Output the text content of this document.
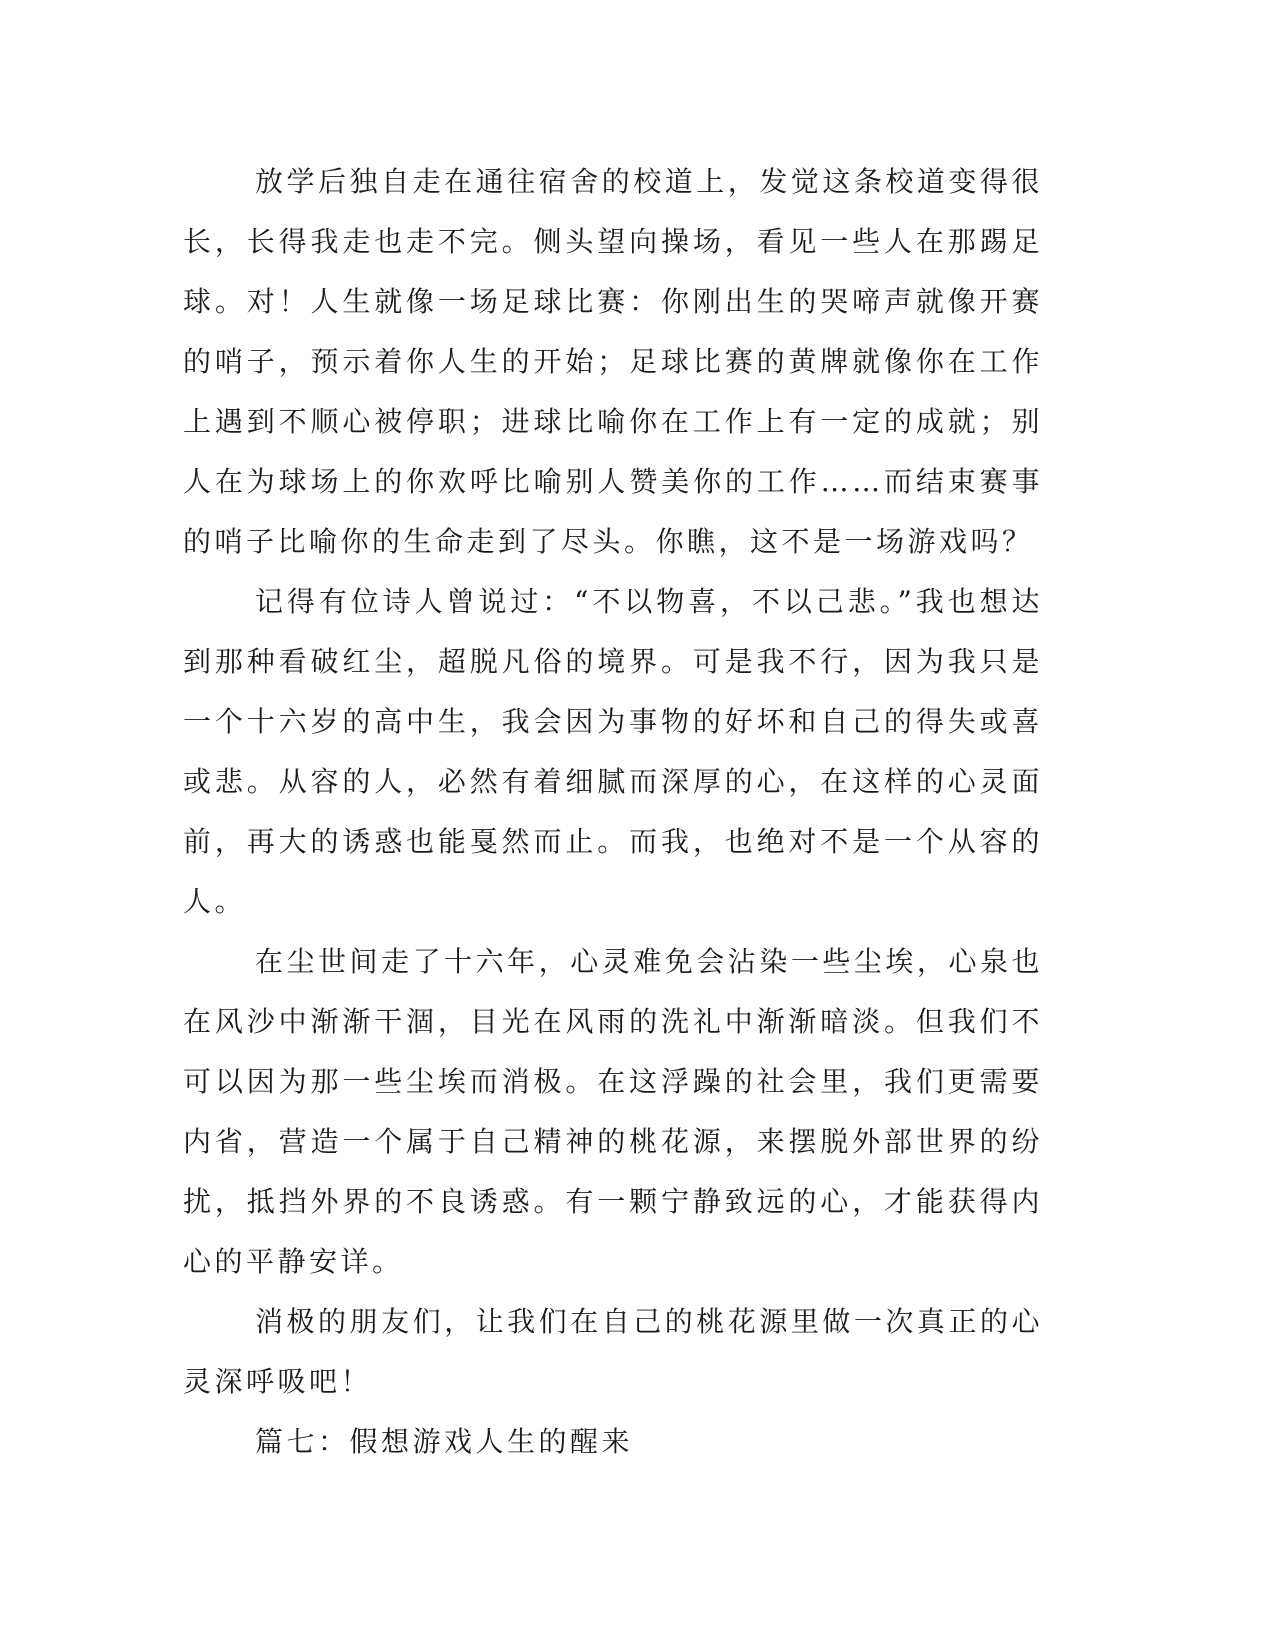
放学后独自走在通往宿舍的校道上，发觉这条校道变得很长，长得我走也走不完。侧头望向操场，看见一些人在那踢足球。对！人生就像一场足球比赛：你刚出生的哭啼声就像开赛的哨子，预示着你人生的开始；足球比赛的黄牌就像你在工作上遇到不顺心被停职；进球比喻你在工作上有一定的成就；别人在为球场上的你欢呼比喻别人赞美你的工作……而结束赛事的哨子比喻你的生命走到了尽头。你瞧，这不是一场游戏吗？

记得有位诗人曾说过：“不以物喜，不以己悲。”我也想达到那种看破红尘，超脱凡俗的境界。可是我不行，因为我只是一个十六岁的高中生，我会因为事物的好坏和自己的得失或喜或悲。从容的人，必然有着细腻而深厚的心，在这样的心灵面前，再大的诱惑也能戛然而止。而我，也绝对不是一个从容的人。

在尘世间走了十六年，心灵难免会沾染一些尘埃，心泉也在风沙中渐渐干涸，目光在风雨的洗礼中渐渐暗淡。但我们不可以因为那一些尘埃而消极。在这浮躁的社会里，我们更需要内省，营造一个属于自己精神的桃花源，来摆脱外部世界的纷扰，抵挡外界的不良诱惑。有一颗宁静致远的心，才能获得内心的平静安详。

消极的朋友们，让我们在自己的桃花源里做一次真正的心灵深呼吸吧！

篇七：假想游戏人生的醒来
